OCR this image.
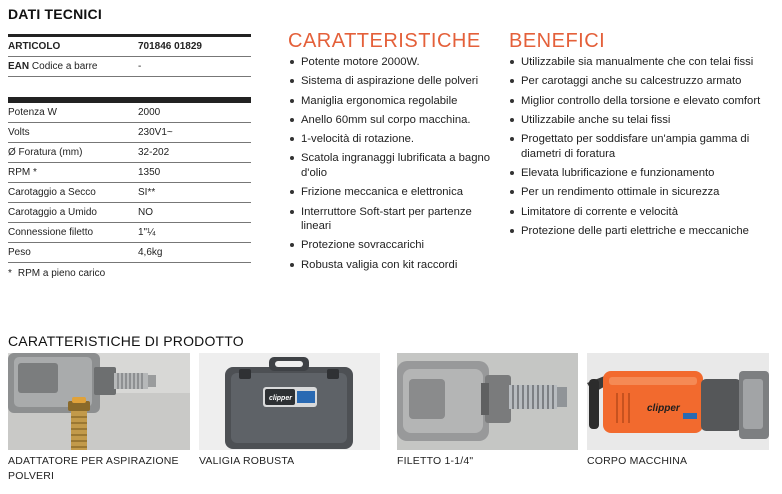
DATI TECNICI
ARTICOLO	701846 01829
EAN Codice a barre	-
Potenza W	2000
Volts	230V1~
Ø Foratura (mm)	32-202
RPM *	1350
Carotaggio a Secco	SI**
Carotaggio a Umido	NO
Connessione filetto	1"¼
Peso	4,6kg
* RPM a pieno carico
CARATTERISTICHE
Potente motore 2000W.
Sistema di aspirazione delle polveri
Maniglia ergonomica regolabile
Anello 60mm sul corpo macchina.
1-velocità di rotazione.
Scatola ingranaggi lubrificata a bagno d'olio
Frizione meccanica e elettronica
Interruttore Soft-start per partenze lineari
Protezione sovraccarichi
Robusta valigia con kit raccordi
BENEFICI
Utilizzabile sia manualmente che con telai fissi
Per carotaggi anche su calcestruzzo armato
Miglior controllo della torsione e elevato comfort
Utilizzabile anche su telai fissi
Progettato per soddisfare un'ampia gamma di diametri di foratura
Elevata lubrificazione e funzionamento
Per un rendimento ottimale in sicurezza
Limitatore di corrente e velocità
Protezione delle parti elettriche e meccaniche
CARATTERISTICHE DI PRODOTTO
clipper
clipper
ADATTATORE PER ASPIRAZIONE POLVERI
VALIGIA ROBUSTA	FILETTO 1-1/4"	CORPO MACCHINA
